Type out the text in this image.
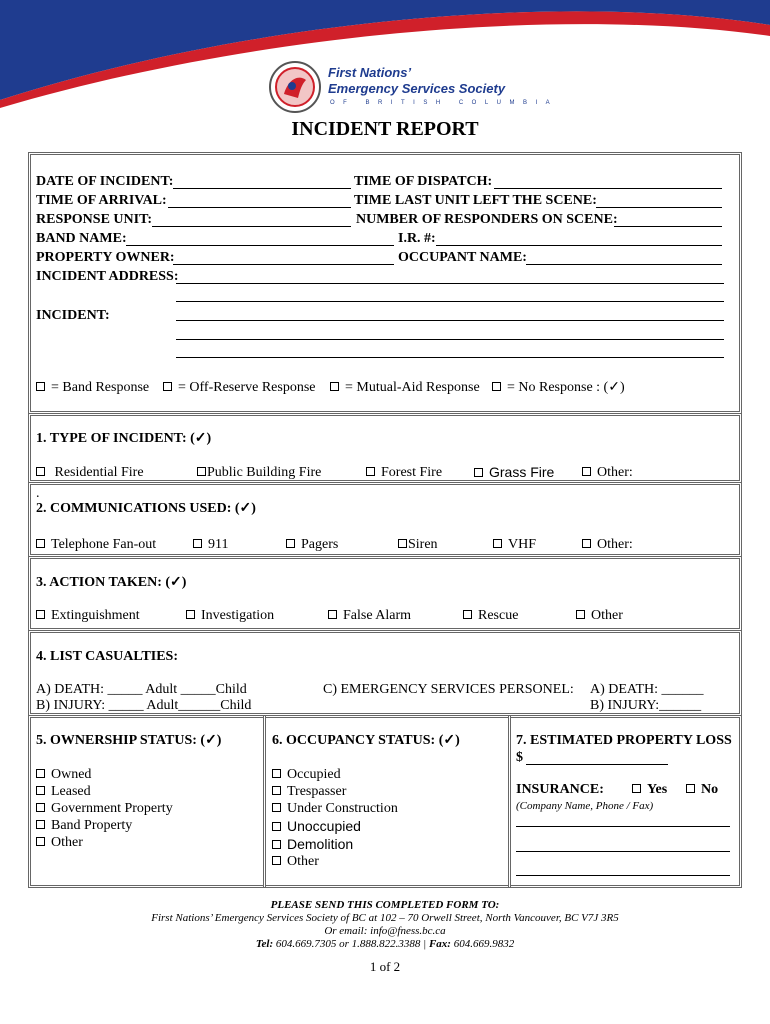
First Nations’
Emergency Services Society
OF BRITISH COLUMBIA
INCIDENT REPORT
DATE OF INCIDENT:	TIME OF DISPATCH:
TIME OF ARRIVAL:	TIME LAST UNIT LEFT THE SCENE:
RESPONSE UNIT:	NUMBER OF RESPONDERS ON SCENE:
BAND NAME:	I.R. #:
PROPERTY OWNER:	OCCUPANT NAME:
INCIDENT ADDRESS:
INCIDENT:
= Band Response	= Off-Reserve Response	= Mutual-Aid Response	= No Response : (✓)
1. TYPE OF INCIDENT: (✓)
Residential Fire	Public Building Fire	Forest Fire	Grass Fire	Other:
.
2. COMMUNICATIONS USED: (✓)
Telephone Fan-out	911	Pagers	Siren	VHF	Other:
3. ACTION TAKEN: (✓)
Extinguishment	Investigation	False Alarm	Rescue	Other
4. LIST CASUALTIES:
A) DEATH: _____ Adult _____Child
B) INJURY: _____ Adult______Child
C) EMERGENCY SERVICES PERSONEL: A) DEATH: ______
B) INJURY:______
5. OWNERSHIP STATUS: (✓)
Owned
Leased
Government Property
Band Property
Other
6. OCCUPANCY STATUS: (✓)
Occupied
Trespasser
Under Construction
Unoccupied
Demolition
Other
7. ESTIMATED PROPERTY LOSS
$
INSURANCE:	Yes	No
(Company Name, Phone / Fax)
PLEASE SEND THIS COMPLETED FORM TO:
First Nations’ Emergency Services Society of BC at 102 – 70 Orwell Street, North Vancouver, BC V7J 3R5
Or email: info@fness.bc.ca
Tel: 604.669.7305 or 1.888.822.3388 | Fax: 604.669.9832
1 of 2
